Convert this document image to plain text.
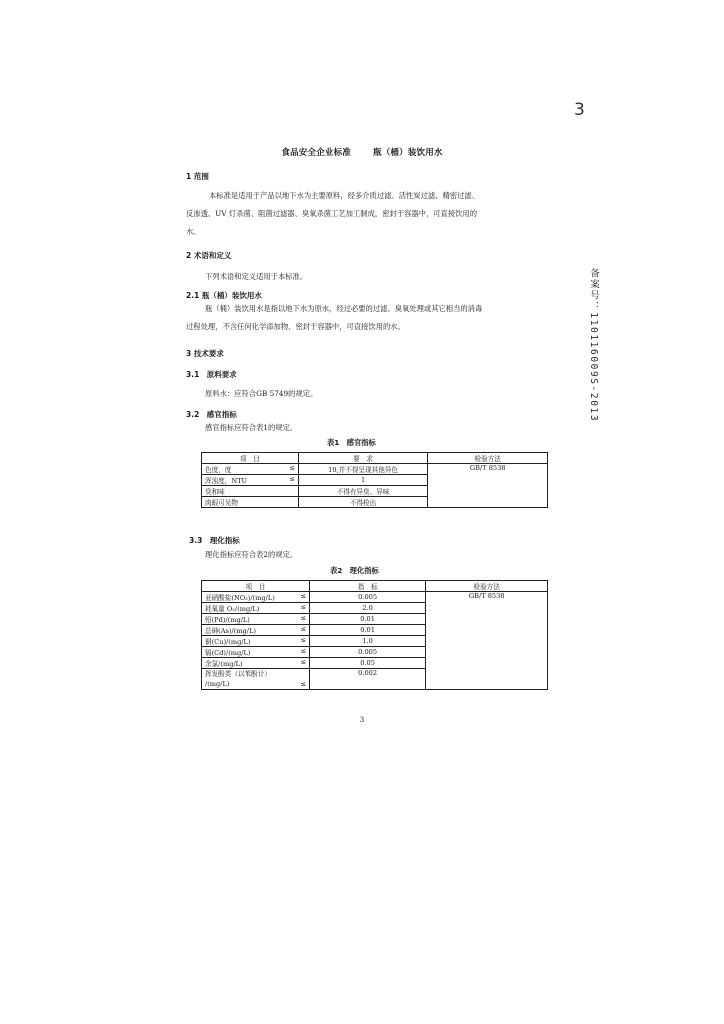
3
食品安全企业标准	瓶（桶）装饮用水
1 范围
本标准是适用于产品以地下水为主要原料，经多介质过滤、活性炭过滤、精密过滤、
反渗透、UV 灯杀菌、阻菌过滤器、臭氧杀菌工艺加工制成，密封于容器中，可直接饮用的
水。
2 术语和定义
下列术语和定义适用于本标准。
2.1 瓶（桶）装饮用水
瓶（桶）装饮用水是指以地下水为原水，经过必要的过滤、臭氧处理或其它相当的消毒
过程处理，不含任何化学添加物、密封于容器中，可直接饮用的水。
3 技术要求
3.1　原料要求
原料水：应符合GB 5749的规定。
3.2　感官指标
感官指标应符合表1的规定。
表1　感官指标
项　目	要　求	检验方法
色度，度 ≤	10,并不得呈现其他异色	GB/T 8538
浑浊度，NTU ≤	1	
臭和味	不得有异臭、异味	
肉眼可见物	不得检出	
3.3　理化指标
理化指标应符合表2的规定。
表2　理化指标
项　目	指　标	检验方法
亚硝酸盐(NO₂)/(mg/L) ≤	0.005	GB/T 8538
耗氧量 O₂/(mg/L) ≤	2.0	
铅(Pd)/(mg/L) ≤	0.01	
总砷(As)/(mg/L) ≤	0.01	
铜(Cu)/(mg/L) ≤	1.0	
镉(Cd)/(mg/L) ≤	0.005	
余氯/(mg/L) ≤	0.05	

挥发酚类（以苯酚计）
/(mg/L) ≤	0.002	
备案号：110116009S-2013
3
